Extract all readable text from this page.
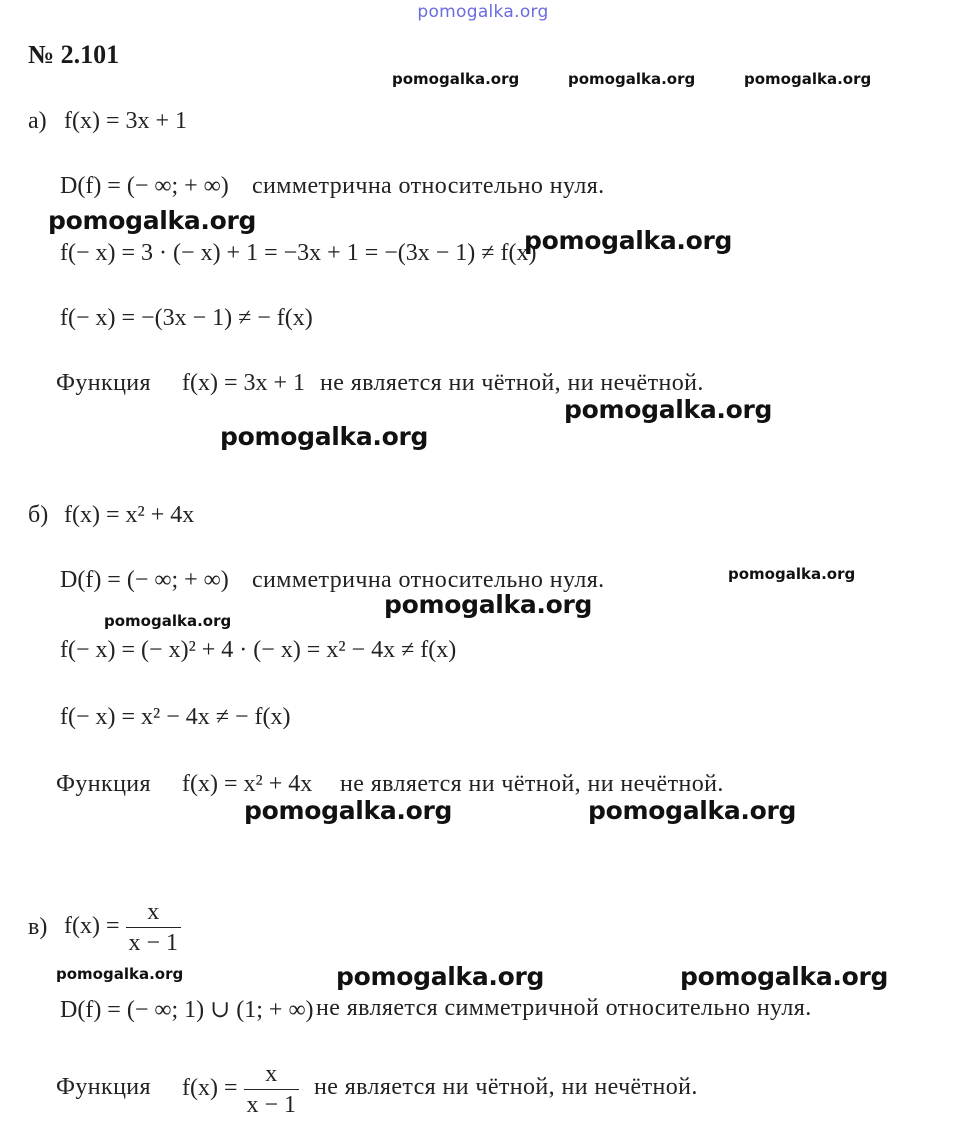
pomogalka.org
№ 2.101
pomogalka.org	pomogalka.org	pomogalka.org
а) f(x) = 3x + 1
D(f) = (− ∞; + ∞) симметрична относительно нуля.
pomogalka.org
f(− x) = 3 · (− x) + 1 = −3x + 1 = −(3x − 1) ≠ f(x)
pomogalka.org
f(− x) = −(3x − 1) ≠ − f(x)
Функция f(x) = 3x + 1 не является ни чётной, ни нечётной.
pomogalka.org
pomogalka.org
б) f(x) = x² + 4x
D(f) = (− ∞; + ∞) симметрична относительно нуля.	pomogalka.org
pomogalka.org
pomogalka.org
f(− x) = (− x)² + 4 · (− x) = x² − 4x ≠ f(x)
f(− x) = x² − 4x ≠ − f(x)
Функция f(x) = x² + 4x не является ни чётной, ни нечётной.
pomogalka.org	pomogalka.org
в) $f(x) = \frac{x}{x - 1}$
pomogalka.org	pomogalka.org	pomogalka.org
D(f) = (− ∞; 1) ∪ (1; + ∞) не является симметричной относительно нуля.
Функция $f(x) = \frac{x}{x - 1}$ не является ни чётной, ни нечётной.
